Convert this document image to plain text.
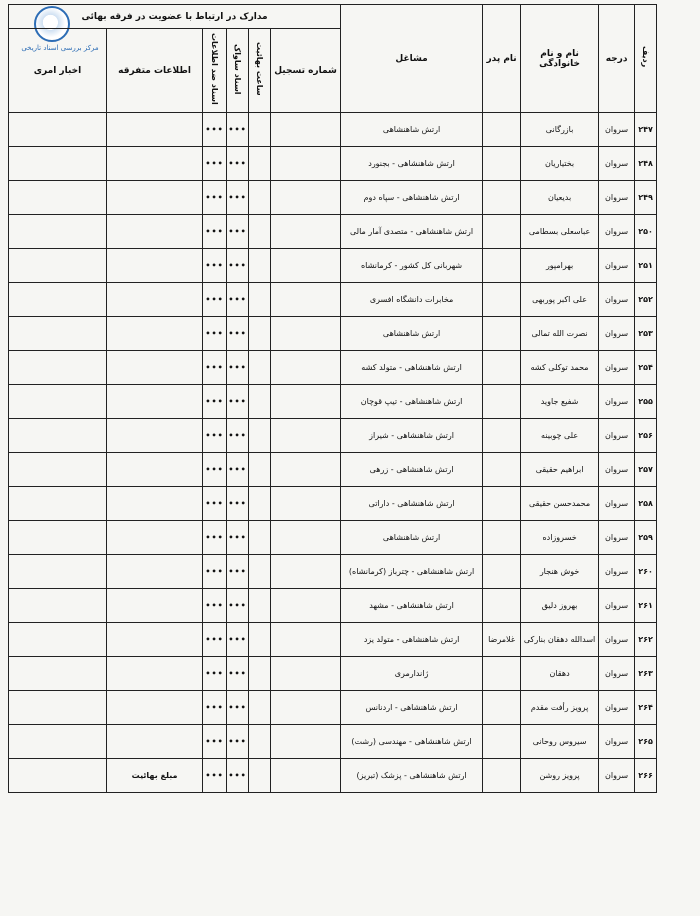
مرکز بررسی اسناد تاریخی	ردیف	درجه	نام و نام خانوادگی	نام پدر	مشاغل	مدارک در ارتباط با عضویت در فرقه بهائی					
					شماره تسجیل	ساعت بهائیت	اسناد ساواک	اسناد ضد اطلاعات	اطلاعات متفرقه	اخبار امری
۲۴۷	سروان	بازرگانی		ارتش شاهنشاهی			•••	•••		
۲۴۸	سروان	بختیاریان		ارتش شاهنشاهی - بجنورد			•••	•••		
۲۴۹	سروان	بدیعیان		ارتش شاهنشاهی - سپاه دوم			•••	•••		
۲۵۰	سروان	عباسعلی بسطامی		ارتش شاهنشاهی - متصدی آمار مالی			•••	•••		
۲۵۱	سروان	بهرامپور		شهربانی کل کشور - کرمانشاه			•••	•••		
۲۵۲	سروان	علی اکبر پوربهی		مخابرات دانشگاه افسری			•••	•••		
۲۵۳	سروان	نصرت الله تمالی		ارتش شاهنشاهی			•••	•••		
۲۵۴	سروان	محمد توکلی کشه		ارتش شاهنشاهی - متولد کشه			•••	•••		
۲۵۵	سروان	شفیع جاوید		ارتش شاهنشاهی - تیپ قوچان			•••	•••		
۲۵۶	سروان	علی چوبینه		ارتش شاهنشاهی - شیراز			•••	•••		
۲۵۷	سروان	ابراهیم حقیقی		ارتش شاهنشاهی - زرهی			•••	•••		
۲۵۸	سروان	محمدحسن حقیقی		ارتش شاهنشاهی - داراتی			•••	•••		
۲۵۹	سروان	خسروزاده		ارتش شاهنشاهی			•••	•••		
۲۶۰	سروان	خوش هنجار		ارتش شاهنشاهی - چترباز (کرمانشاه)			•••	•••		
۲۶۱	سروان	بهروز دلیق		ارتش شاهنشاهی - مشهد			•••	•••		
۲۶۲	سروان	اسدالله دهقان بنارکی	غلامرضا	ارتش شاهنشاهی - متولد یزد			•••	•••		
۲۶۳	سروان	دهقان		ژاندارمری			•••	•••		
۲۶۴	سروان	پرویز رأفت مقدم		ارتش شاهنشاهی - اردنانس			•••	•••		
۲۶۵	سروان	سیروس روحانی		ارتش شاهنشاهی - مهندسی (رشت)			•••	•••		
۲۶۶	سروان	پرویز روشن		ارتش شاهنشاهی - پزشک (تبریز)			•••	•••	مبلغ بهائیت	
